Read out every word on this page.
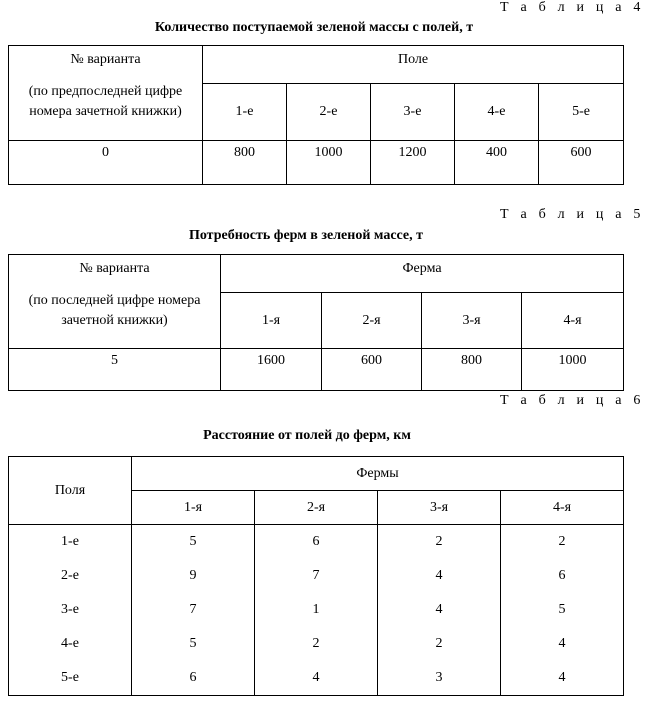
Т а б л и ц а 4
Количество поступаемой зеленой массы с полей, т
№ варианта
(по предпоследней цифре номера зачетной книжки)	Поле				
	1-е	2-е	3-е	4-е	5-е
0	800	1000	1200	400	600
Т а б л и ц а 5
Потребность ферм в зеленой массе, т
№ варианта
(по последней цифре номера зачетной книжки)	Ферма			
	1-я	2-я	3-я	4-я
5	1600	600	800	1000
Т а б л и ц а 6
Расстояние от полей до ферм, км
Поля	Фермы			
	1-я	2-я	3-я	4-я
1-е	5	6	2	2
2-е	9	7	4	6
3-е	7	1	4	5
4-е	5	2	2	4
5-е	6	4	3	4
